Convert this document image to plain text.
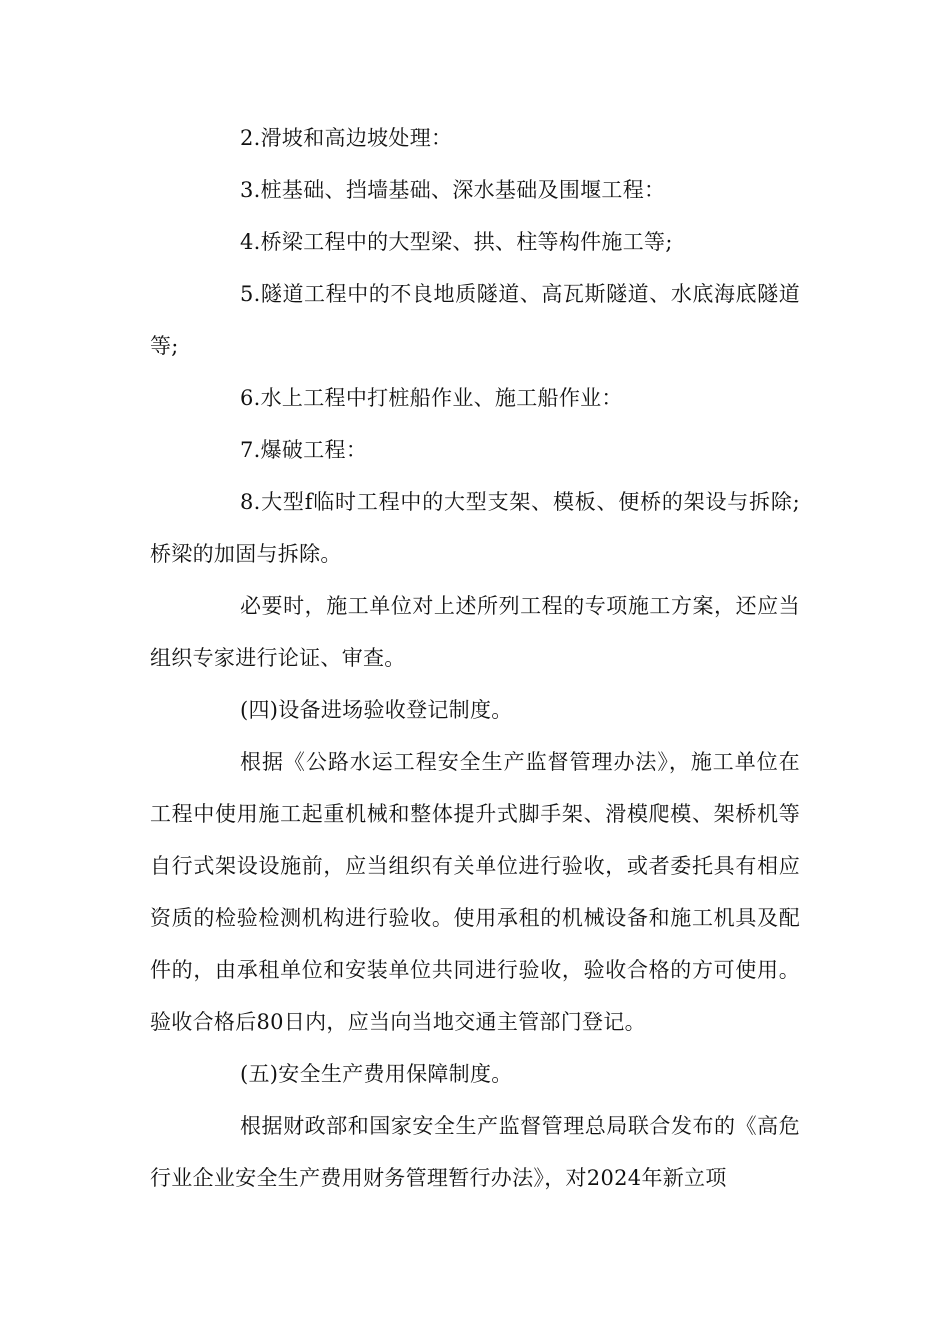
2.滑坡和高边坡处理：

3.桩基础、挡墙基础、深水基础及围堰工程：

4.桥梁工程中的大型梁、拱、柱等构件施工等;

5.隧道工程中的不良地质隧道、高瓦斯隧道、水底海底隧道等;

6.水上工程中打桩船作业、施工船作业：

7.爆破工程：

8.大型f临时工程中的大型支架、模板、便桥的架设与拆除;桥梁的加固与拆除。

必要时，施工单位对上述所列工程的专项施工方案，还应当组织专家进行论证、审查。

(四)设备进场验收登记制度。

根据《公路水运工程安全生产监督管理办法》，施工单位在工程中使用施工起重机械和整体提升式脚手架、滑模爬模、架桥机等自行式架设设施前，应当组织有关单位进行验收，或者委托具有相应资质的检验检测机构进行验收。使用承租的机械设备和施工机具及配件的，由承租单位和安装单位共同进行验收，验收合格的方可使用。验收合格后80日内，应当向当地交通主管部门登记。

(五)安全生产费用保障制度。

根据财政部和国家安全生产监督管理总局联合发布的《高危行业企业安全生产费用财务管理暂行办法》，对2024年新立项
